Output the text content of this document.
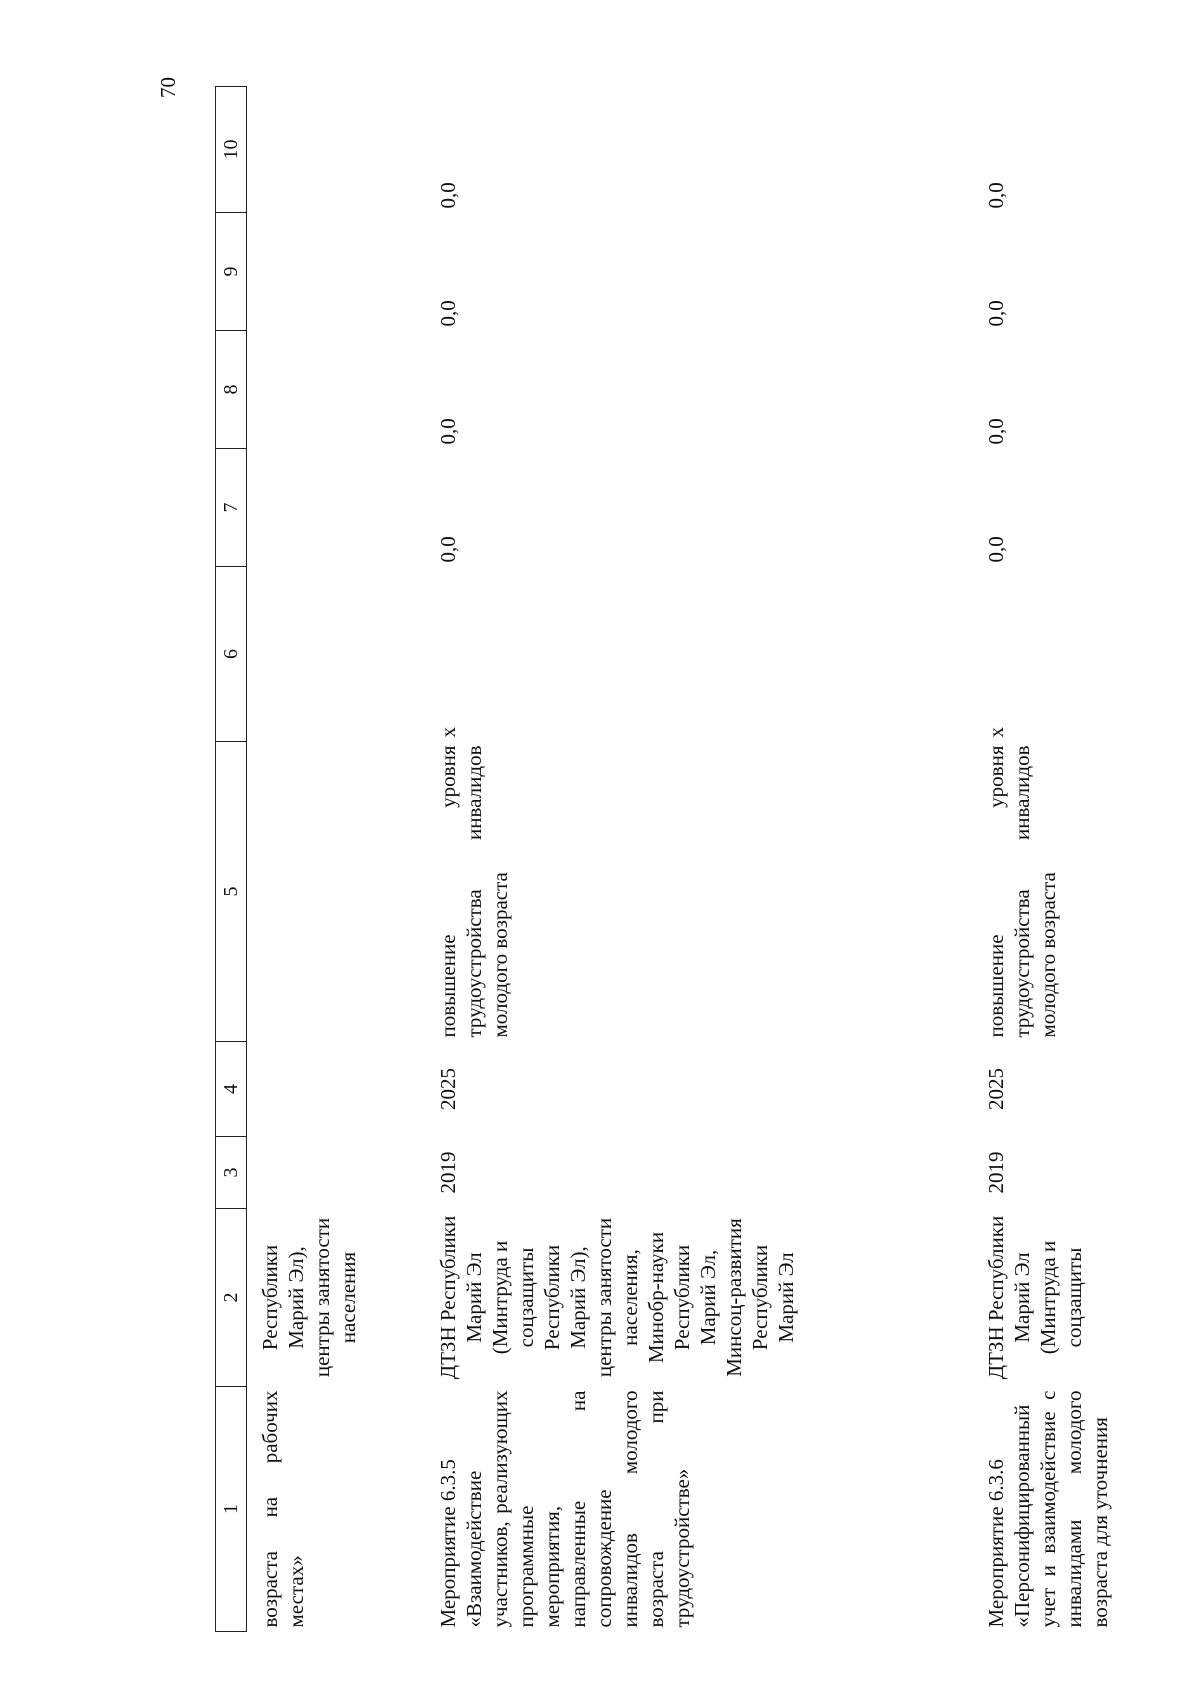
70
1	2	3	4	5	6	7	8	9	10

возраста на рабочих местах»	Республики Марий Эл), центры занятости населения								

Мероприятие 6.3.5 «Взаимодействие участников, реализующих программные мероприятия, направленные на сопровождение инвалидов молодого возраста при трудоустройстве»	ДТЗН Республики Марий Эл (Минтруда и соцзащиты Республики Марий Эл), центры занятости населения, Минобр-науки Республики Марий Эл, Минсоц-развития Республики Марий Эл	2019	2025	повышение уровня трудоустройства инвалидов молодого возраста	x	0,0	0,0	0,0	0,0

Мероприятие 6.3.6 «Персонифицированный учет и взаимодействие с инвалидами молодого возраста для уточнения	ДТЗН Республики Марий Эл (Минтруда и соцзащиты	2019	2025	повышение уровня трудоустройства инвалидов молодого возраста	x	0,0	0,0	0,0	0,0
